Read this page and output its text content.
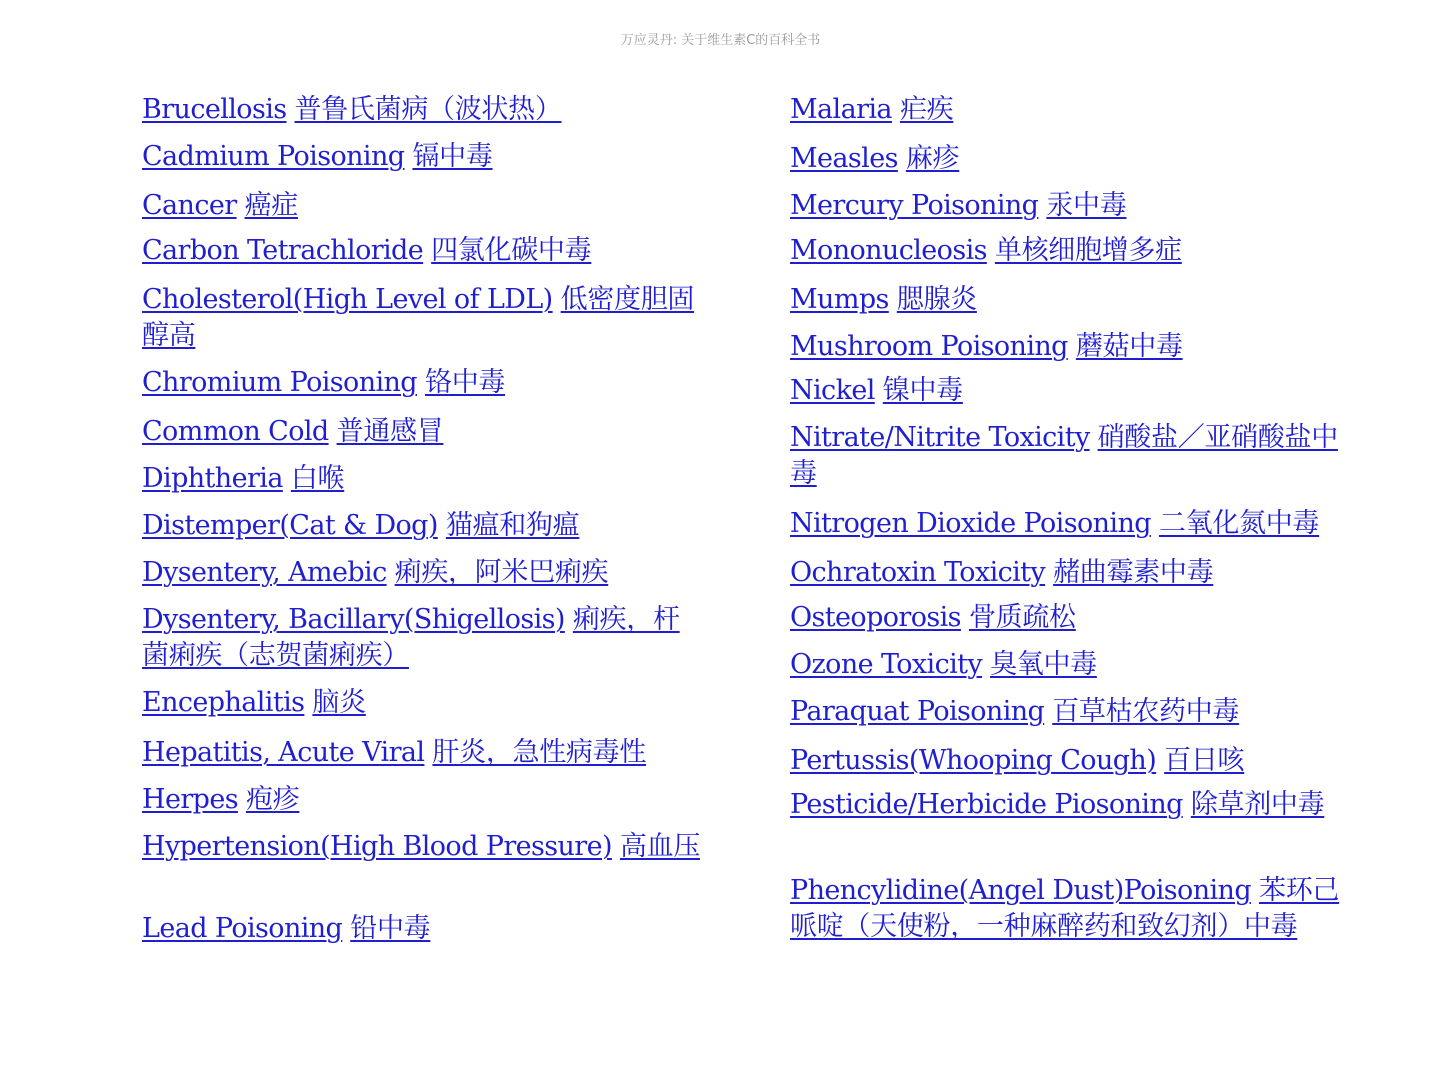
万应灵丹: 关于维生素C的百科全书
Brucellosis 普鲁氏菌病（波状热）
Cadmium Poisoning 镉中毒
Cancer 癌症
Carbon Tetrachloride 四氯化碳中毒
Cholesterol(High Level of LDL) 低密度胆固醇高
Chromium Poisoning 铬中毒
Common Cold 普通感冒
Diphtheria 白喉
Distemper(Cat & Dog) 猫瘟和狗瘟
Dysentery, Amebic 痢疾，阿米巴痢疾
Dysentery, Bacillary(Shigellosis) 痢疾，杆菌痢疾（志贺菌痢疾）
Encephalitis 脑炎
Hepatitis, Acute Viral 肝炎，急性病毒性
Herpes 疱疹
Hypertension(High Blood Pressure) 高血压
Lead Poisoning 铅中毒
Malaria 疟疾
Measles 麻疹
Mercury Poisoning 汞中毒
Mononucleosis 单核细胞增多症
Mumps 腮腺炎
Mushroom Poisoning 蘑菇中毒
Nickel 镍中毒
Nitrate/Nitrite Toxicity 硝酸盐／亚硝酸盐中毒
Nitrogen Dioxide Poisoning 二氧化氮中毒
Ochratoxin Toxicity 赭曲霉素中毒
Osteoporosis 骨质疏松
Ozone Toxicity 臭氧中毒
Paraquat Poisoning 百草枯农药中毒
Pertussis(Whooping Cough) 百日咳
Pesticide/Herbicide Piosoning 除草剂中毒
Phencylidine(Angel Dust)Poisoning 苯环己哌啶（天使粉，一种麻醉药和致幻剂）中毒
